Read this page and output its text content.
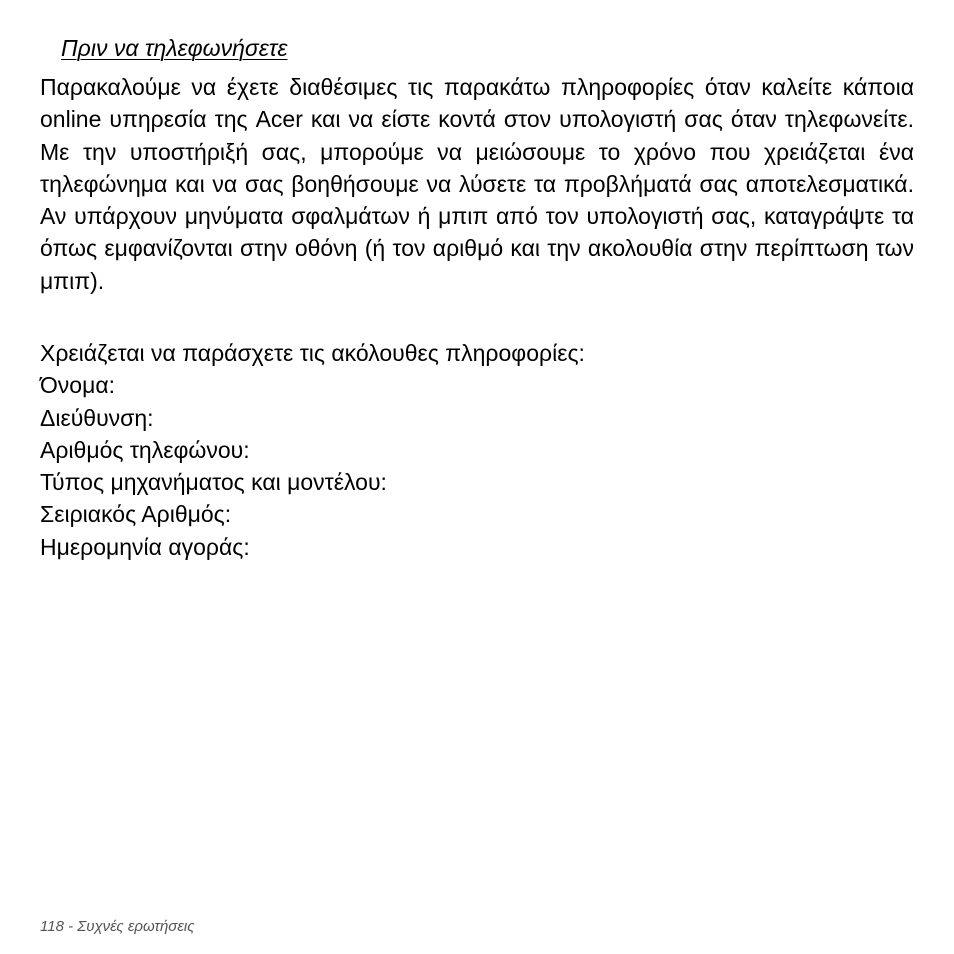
Πριν να τηλεφωνήσετε

Παρακαλούμε να έχετε διαθέσιμες τις παρακάτω πληροφορίες όταν καλείτε κάποια online υπηρεσία της Acer και να είστε κοντά στον υπολογιστή σας όταν τηλεφωνείτε. Με την υποστήριξή σας, μπορούμε να μειώσουμε το χρόνο που χρειάζεται ένα τηλεφώνημα και να σας βοηθήσουμε να λύσετε τα προβλήματά σας αποτελεσματικά. Αν υπάρχουν μηνύματα σφαλμάτων ή μπιπ από τον υπολογιστή σας, καταγράψτε τα όπως εμφανίζονται στην οθόνη (ή τον αριθμό και την ακολουθία στην περίπτωση των μπιπ).

Χρειάζεται να παράσχετε τις ακόλουθες πληροφορίες:
Όνομα:
Διεύθυνση:
Αριθμός τηλεφώνου:
Τύπος μηχανήματος και μοντέλου:
Σειριακός Αριθμός:
Ημερομηνία αγοράς:
118 - Συχνές ερωτήσεις
